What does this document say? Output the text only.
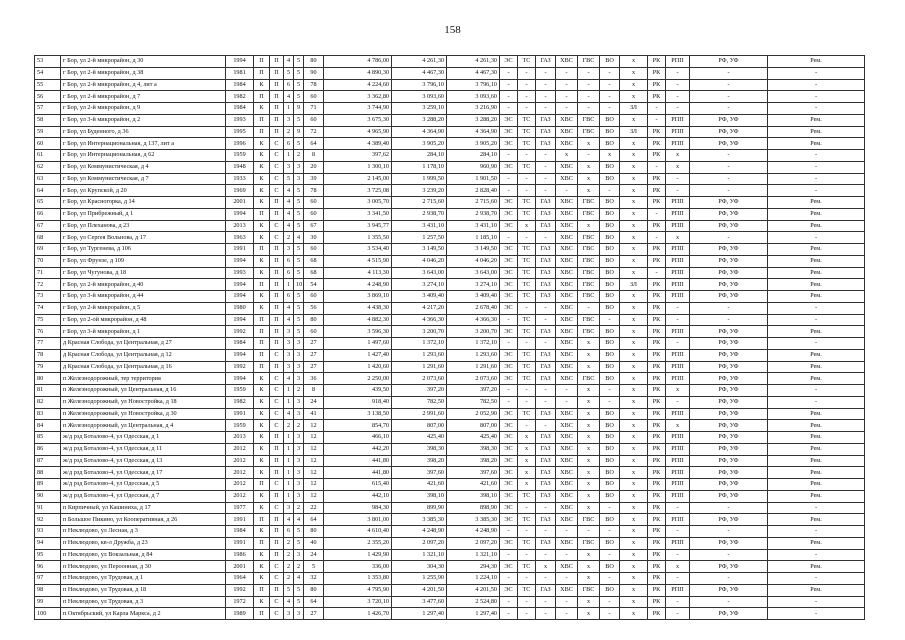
158
53	г Бор, ул 2-й микрорайон, д 30	1994	П	П	4	5	80	4 786,00	4 261,30	4 261,30	ЭС	ТС	ГАЗ	ХВС	ГВС	ВО	х	РК	РПП	РФ, УФ	Рем.
54	г Бор, ул 2-й микрорайон, д 38	1981	П	П	5	5	90	4 890,30	4 467,30	4 467,30	-	-	-	-	-	-	х	РК	-	-	-
55	г Бор, ул 2-й микрорайон, д 4, лит а	1984	К	П	6	5	78	4 224,60	3 796,10	3 796,10	-	-	-	-	-	-	х	РК	-	-	-
56	г Бор, ул 2-й микрорайон, д 7	1982	П	П	4	5	60	3 362,80	3 093,60	3 093,60	-	-	-	-	-	-	х	РК	-	-	-
57	г Бор, ул 2-й микрорайон, д 9	1984	К	П	1	9	71	3 744,90	3 259,10	3 216,90	-	-	-	-	-	-	ЗЛ	-	-	-	-
58	г Бор, ул 3-й микрорайон, д 2	1993	П	П	3	5	60	3 675,30	3 288,20	3 288,20	ЭС	ТС	ГАЗ	ХВС	ГВС	ВО	х	-	РПП	РФ, УФ	Рем.
59	г Бор, ул Буденного, д 36	1995	П	П	2	9	72	4 965,90	4 364,90	4 364,90	ЭС	ТС	ГАЗ	ХВС	ГВС	ВО	ЗЛ	РК	РПП	РФ, УФ	Рем.
60	г Бор, ул Интернациональная, д 137, лит а	1996	К	С	6	5	64	4 389,40	3 905,20	3 905,20	ЭС	ТС	ГАЗ	ХВС	х	ВО	х	РК	РПП	РФ, УФ	Рем.
61	г Бор, ул Интернациональная, д 62	1959	К	С	1	2	8	397,62	284,10	284,10	-	-	-	х	-	х	х	РК	х	-	-
62	г Бор, ул Коммунистическая, д 4	1948	К	С	3	3	20	1 300,10	1 178,10	960,90	ЭС	ТС	-	ХВС	х	ВО	х	-	х	-	-
63	г Бор, ул Коммунистическая, д 7	1933	К	С	5	3	39	2 145,00	1 999,50	1 901,50	-	-	-	ХВС	х	ВО	х	РК	-	-	-
64	г Бор, ул Крупской, д 20	1969	К	С	4	5	78	3 725,08	3 239,20	2 828,40	-	-	-	-	х	-	х	РК	-	-	-
65	г Бор, ул Красногорка, д 14	2001	К	П	4	5	60	3 005,70	2 715,60	2 715,60	ЭС	ТС	ГАЗ	ХВС	ГВС	ВО	х	РК	РПП	РФ, УФ	Рем.
66	г Бор, ул Прибрежный, д 1	1994	П	П	4	5	60	3 341,50	2 938,70	2 938,70	ЭС	ТС	ГАЗ	ХВС	ГВС	ВО	х	-	РПП	РФ, УФ	Рем.
67	г Бор, ул Плеханова, д 23	2013	К	С	4	5	67	3 945,77	3 431,10	3 431,10	ЭС	х	ГАЗ	ХВС	х	ВО	х	РК	РПП	РФ, УФ	Рем.
68	г Бор, ул Сергея Вольнова, д 17	1963	К	С	2	4	30	1 355,50	1 257,50	1 185,10	-	-	-	ХВС	ГВС	ВО	х	-	х	-	-
69	г Бор, ул Тургенева, д 106	1991	П	П	3	5	60	3 534,40	3 149,50	3 149,50	ЭС	ТС	ГАЗ	ХВС	ГВС	ВО	х	РК	РПП	РФ, УФ	Рем.
70	г Бор, ул Фрунзе, д 109	1994	К	П	6	5	68	4 515,90	4 046,20	4 046,20	ЭС	ТС	ГАЗ	ХВС	ГВС	ВО	х	РК	РПП	РФ, УФ	Рем.
71	г Бор, ул Чугунова, д 18	1993	К	П	6	5	68	4 113,30	3 643,00	3 643,00	ЭС	ТС	ГАЗ	ХВС	ГВС	ВО	х	-	РПП	РФ, УФ	Рем.
72	г Бор, ул 2-й микрорайон, д 40	1994	П	П	1	10	54	4 248,90	3 274,10	3 274,10	ЭС	ТС	ГАЗ	ХВС	ГВС	ВО	ЗЛ	РК	РПП	РФ, УФ	Рем.
73	г Бор, ул 3-й микрорайон, д 44	1994	К	П	6	5	60	3 869,10	3 409,40	3 409,40	ЭС	ТС	ГАЗ	ХВС	ГВС	ВО	х	РК	РПП	РФ, УФ	Рем.
74	г Бор, ул 2-й микрорайон, д 5	1980	К	П	4	5	56	4 438,30	4 217,20	2 678,40	ЭС	-	-	ХВС	-	ВО	х	РК	-	-	-
75	г Бор, ул 2-ой микрорайон, д 48	1994	П	П	4	5	80	4 882,30	4 366,30	4 366,30	-	ТС	-	ХВС	ГВС	-	х	РК	-	-	-
76	г Бор, ул 3-й микрорайон, д 1	1992	П	П	3	5	60	3 596,30	3 200,70	3 200,70	ЭС	ТС	ГАЗ	ХВС	ГВС	ВО	х	РК	РПП	РФ, УФ	Рем.
77	д Красная Слобода, ул Центральная, д 27	1984	П	П	3	3	27	1 497,60	1 372,10	1 372,10	-	-	-	ХВС	х	ВО	х	РК	-	РФ, УФ	-
78	д Красная Слобода, ул Центральная, д 12	1994	П	С	3	3	27	1 427,40	1 293,60	1 293,60	ЭС	ТС	ГАЗ	ХВС	х	ВО	х	РК	РПП	РФ, УФ	Рем.
79	д Красная Слобода, ул Центральная, д 16	1992	П	П	3	3	27	1 420,60	1 291,60	1 291,60	ЭС	ТС	ГАЗ	ХВС	х	ВО	х	РК	РПП	РФ, УФ	Рем.
80	п Железнодорожный, тер территория	1994	К	С	4	3	36	2 250,00	2 073,60	2 073,60	ЭС	ТС	ГАЗ	ХВС	ГВС	ВО	х	РК	РПП	РФ, УФ	Рем.
81	п Железнодорожный, ул Центральная, д 16	1959	К	С	1	2	8	439,50	397,20	397,20	-	-	-	-	х	-	х	РК	х	РФ, УФ	-
82	п Железнодорожный, ул Новостройка, д 18	1982	К	С	1	3	24	918,40	782,50	782,50	-	-	-	-	х	-	х	РК	-	РФ, УФ	-
83	п Железнодорожный, ул Новостройка, д 30	1991	К	С	4	3	41	3 138,50	2 991,60	2 052,90	ЭС	ТС	ГАЗ	ХВС	х	ВО	х	РК	РПП	РФ, УФ	Рем.
84	п Железнодорожный, ул Центральная, д 4	1959	К	С	2	2	12	854,70	807,00	807,00	ЭС	-	-	ХВС	х	ВО	х	РК	х	РФ, УФ	Рем.
85	ж/д рзд Боталово-4, ул Одесская, д 1	2013	К	П	1	3	12	466,10	425,40	425,40	ЭС	х	ГАЗ	ХВС	х	ВО	х	РК	РПП	РФ, УФ	Рем.
86	ж/д рзд Боталово-4, ул Одесская, д 11	2012	К	П	1	3	12	442,20	398,30	398,30	ЭС	х	ГАЗ	ХВС	х	ВО	х	РК	РПП	РФ, УФ	Рем.
87	ж/д рзд Боталово-4, ул Одесская, д 13	2012	К	П	1	3	12	441,80	398,20	398,20	ЭС	х	ГАЗ	ХВС	х	ВО	х	РК	РПП	РФ, УФ	Рем.
88	ж/д рзд Боталово-4, ул Одесская, д 17	2012	К	П	1	3	12	441,80	397,60	397,60	ЭС	х	ГАЗ	ХВС	х	ВО	х	РК	РПП	РФ, УФ	Рем.
89	ж/д рзд Боталово-4, ул Одесская, д 5	2012	П	С	1	3	12	615,40	421,60	421,60	ЭС	х	ГАЗ	ХВС	х	ВО	х	РК	РПП	РФ, УФ	Рем.
90	ж/д рзд Боталово-4, ул Одесская, д 7	2012	К	П	1	3	12	442,10	398,10	398,10	ЭС	ТС	ГАЗ	ХВС	х	ВО	х	РК	РПП	РФ, УФ	Рем.
91	п Кирпичный, ул Кашиниха, д 17	1977	К	С	3	2	22	984,30	899,90	898,90	ЭС	-	-	ХВС	х	-	х	РК	-	-	-
92	п Большое Пикино, ул Кооперативная, д 26	1991	П	П	4	4	64	3 801,00	3 385,30	3 385,30	ЭС	ТС	ГАЗ	ХВС	ГВС	ВО	х	РК	РПП	РФ, УФ	Рем.
93	п Неклюдово, ул Лесная, д 3	1984	К	П	6	5	80	4 610,40	4 248,90	4 248,90	-	-	-	-	-	-	х	РК	-	-	-
94	п Неклюдово, кв-л Дружба, д 23	1991	П	П	2	5	40	2 355,20	2 097,20	2 097,20	ЭС	ТС	ГАЗ	ХВС	ГВС	ВО	х	РК	РПП	РФ, УФ	Рем.
95	п Неклюдово, ул Вокзальная, д 84	1986	К	П	2	3	24	1 429,90	1 321,10	1 321,10	-	-	-	-	х	-	х	РК	-	-	-
96	п Неклюдово, ул Пероонная, д 30	2001	К	С	2	2	5	336,00	304,30	294,30	ЭС	ТС	х	ХВС	х	ВО	х	РК	х	РФ, УФ	Рем.
97	п Неклюдово, ул Трудовая, д 1	1964	К	С	2	4	32	1 353,80	1 255,90	1 224,10	-	-	-	-	х	-	х	РК	-	-	-
98	п Неклюдово, ул Трудовая, д 18	1992	П	П	5	5	80	4 795,90	4 201,50	4 201,50	ЭС	ТС	ГАЗ	ХВС	ГВС	ВО	х	РК	РПП	РФ, УФ	Рем.
99	п Неклюдово, ул Трудовая, д 3	1972	К	С	4	5	64	3 720,10	3 477,60	2 524,80	-	-	-	-	х	-	х	РК	-	-	-
100	п Октябрьский, ул Карла Маркса, д 2	1989	П	С	3	3	27	1 426,70	1 297,40	1 297,40	-	-	-	-	х	-	х	РК	-	РФ, УФ	-
